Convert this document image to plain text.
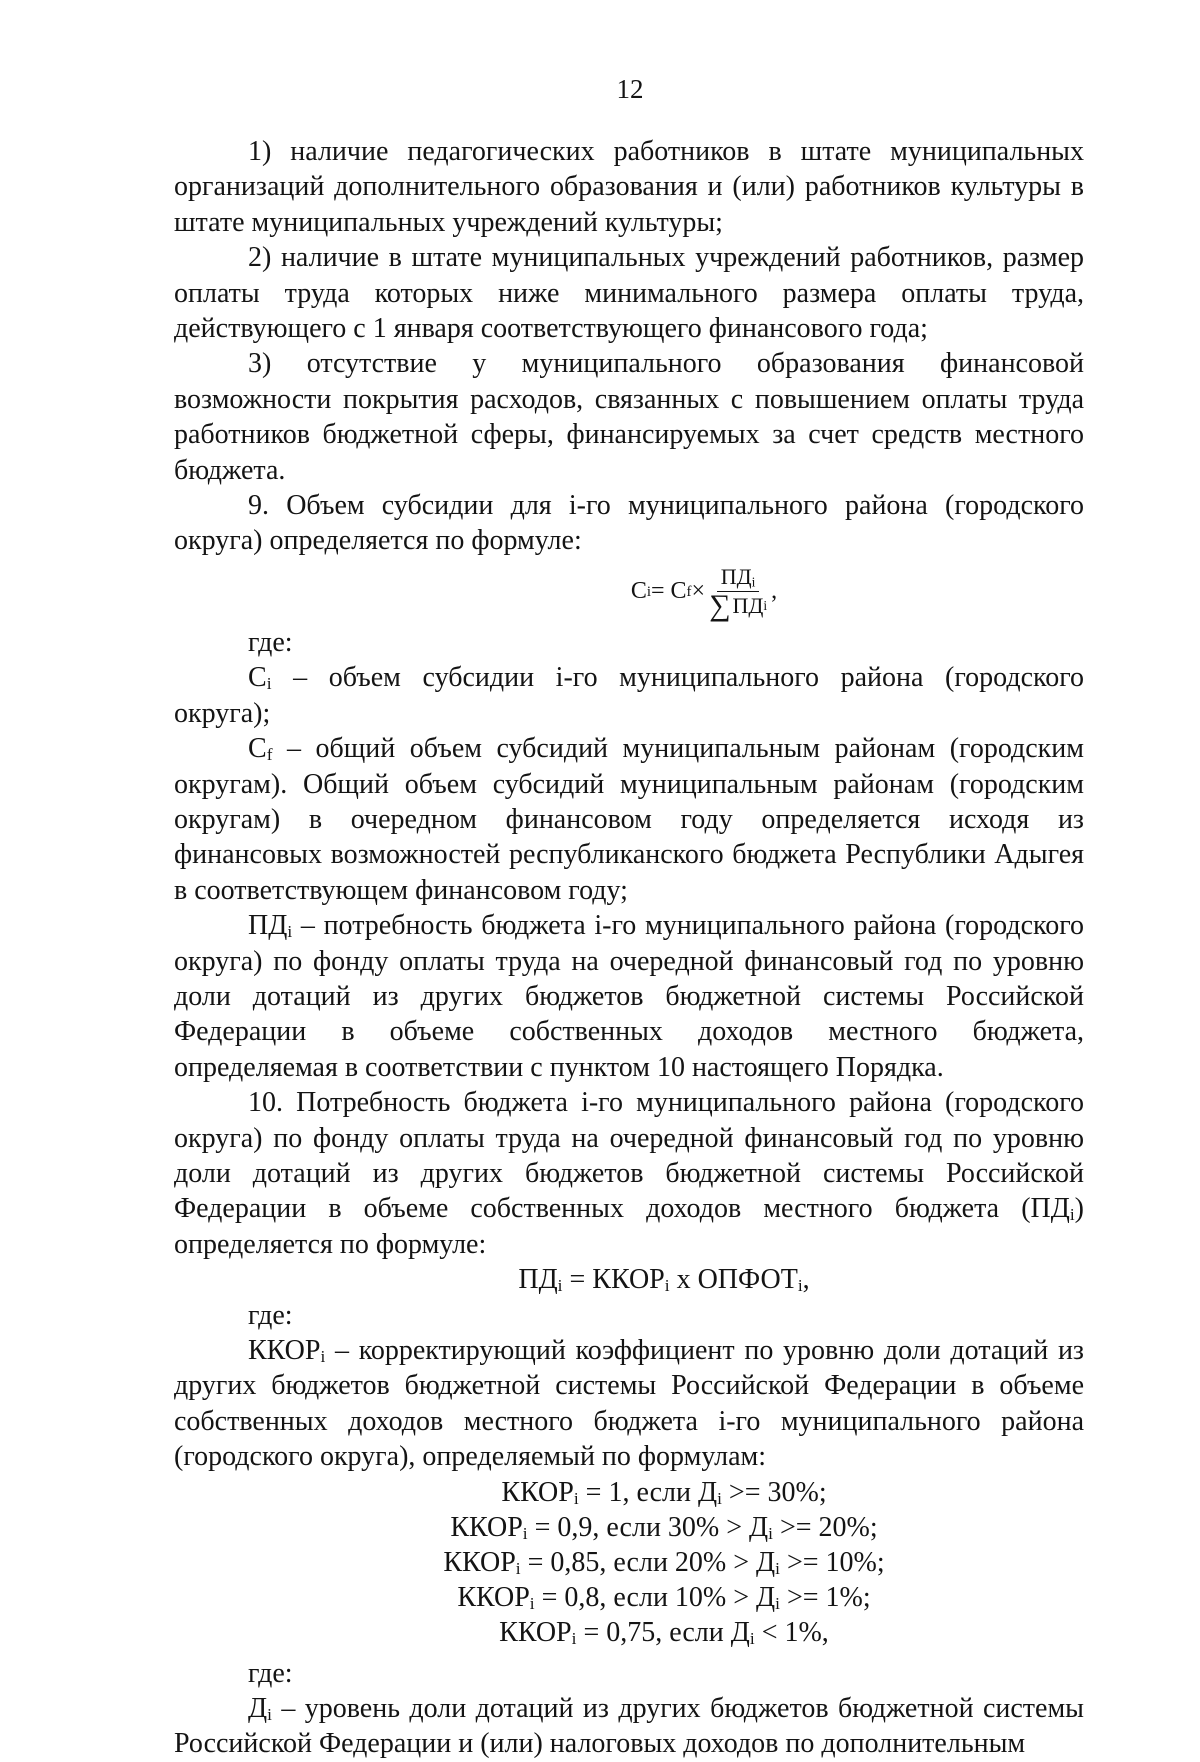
12

1) наличие педагогических работников в штате муниципальных организаций дополнительного образования и (или) работников культуры в штате муниципальных учреждений культуры;

2) наличие в штате муниципальных учреждений работников, размер оплаты труда которых ниже минимального размера оплаты труда, действующего с 1 января соответствующего финансового года;

3) отсутствие у муниципального образования финансовой возможности покрытия расходов, связанных с повышением оплаты труда работников бюджетной сферы, финансируемых за счет средств местного бюджета.

9. Объем субсидии для i-го муниципального района (городского округа) определяется по формуле:

C i = C $f \times \frac{ПД_i}{\text{∑ ПД i}}$ ,

где:

$C_i$ – объем субсидии i-го муниципального района (городского округа);

$C_f$ – общий объем субсидий муниципальным районам (городским округам). Общий объем субсидий муниципальным районам (городским округам) в очередном финансовом году определяется исходя из финансовых возможностей республиканского бюджета Республики Адыгея в соответствующем финансовом году;

$ПД_i$ – потребность бюджета i-го муниципального района (городского округа) по фонду оплаты труда на очередной финансовый год по уровню доли дотаций из других бюджетов бюджетной системы Российской Федерации в объеме собственных доходов местного бюджета, определяемая в соответствии с пунктом 10 настоящего Порядка.

10. Потребность бюджета i-го муниципального района (городского округа) по фонду оплаты труда на очередной финансовый год по уровню доли дотаций из других бюджетов бюджетной системы Российской Федерации в объеме собственных доходов местного бюджета $(ПД_i)$ определяется по формуле:

$ПД_i$ = $ККОР_i$ x $ОПФОТ_i$,

где:

$ККОР_i$ – корректирующий коэффициент по уровню доли дотаций из других бюджетов бюджетной системы Российской Федерации в объеме собственных доходов местного бюджета i-го муниципального района (городского округа), определяемый по формулам:

$ККОР_i = 1$, если $Д_i >= 30\%$;
$ККОР_i = 0,9$, если $30\% > Д_i >= 20\%$;
$ККОР_i = 0,85$, если $20\% > Д_i >= 10\%$;
$ККОР_i = 0,8$, если $10\% > Д_i >= 1\%$;
$ККОР_i = 0,75$, если $Д_i < 1\%$,

где:

$Д_i$ – уровень доли дотаций из других бюджетов бюджетной системы Российской Федерации и (или) налоговых доходов по дополнительным
